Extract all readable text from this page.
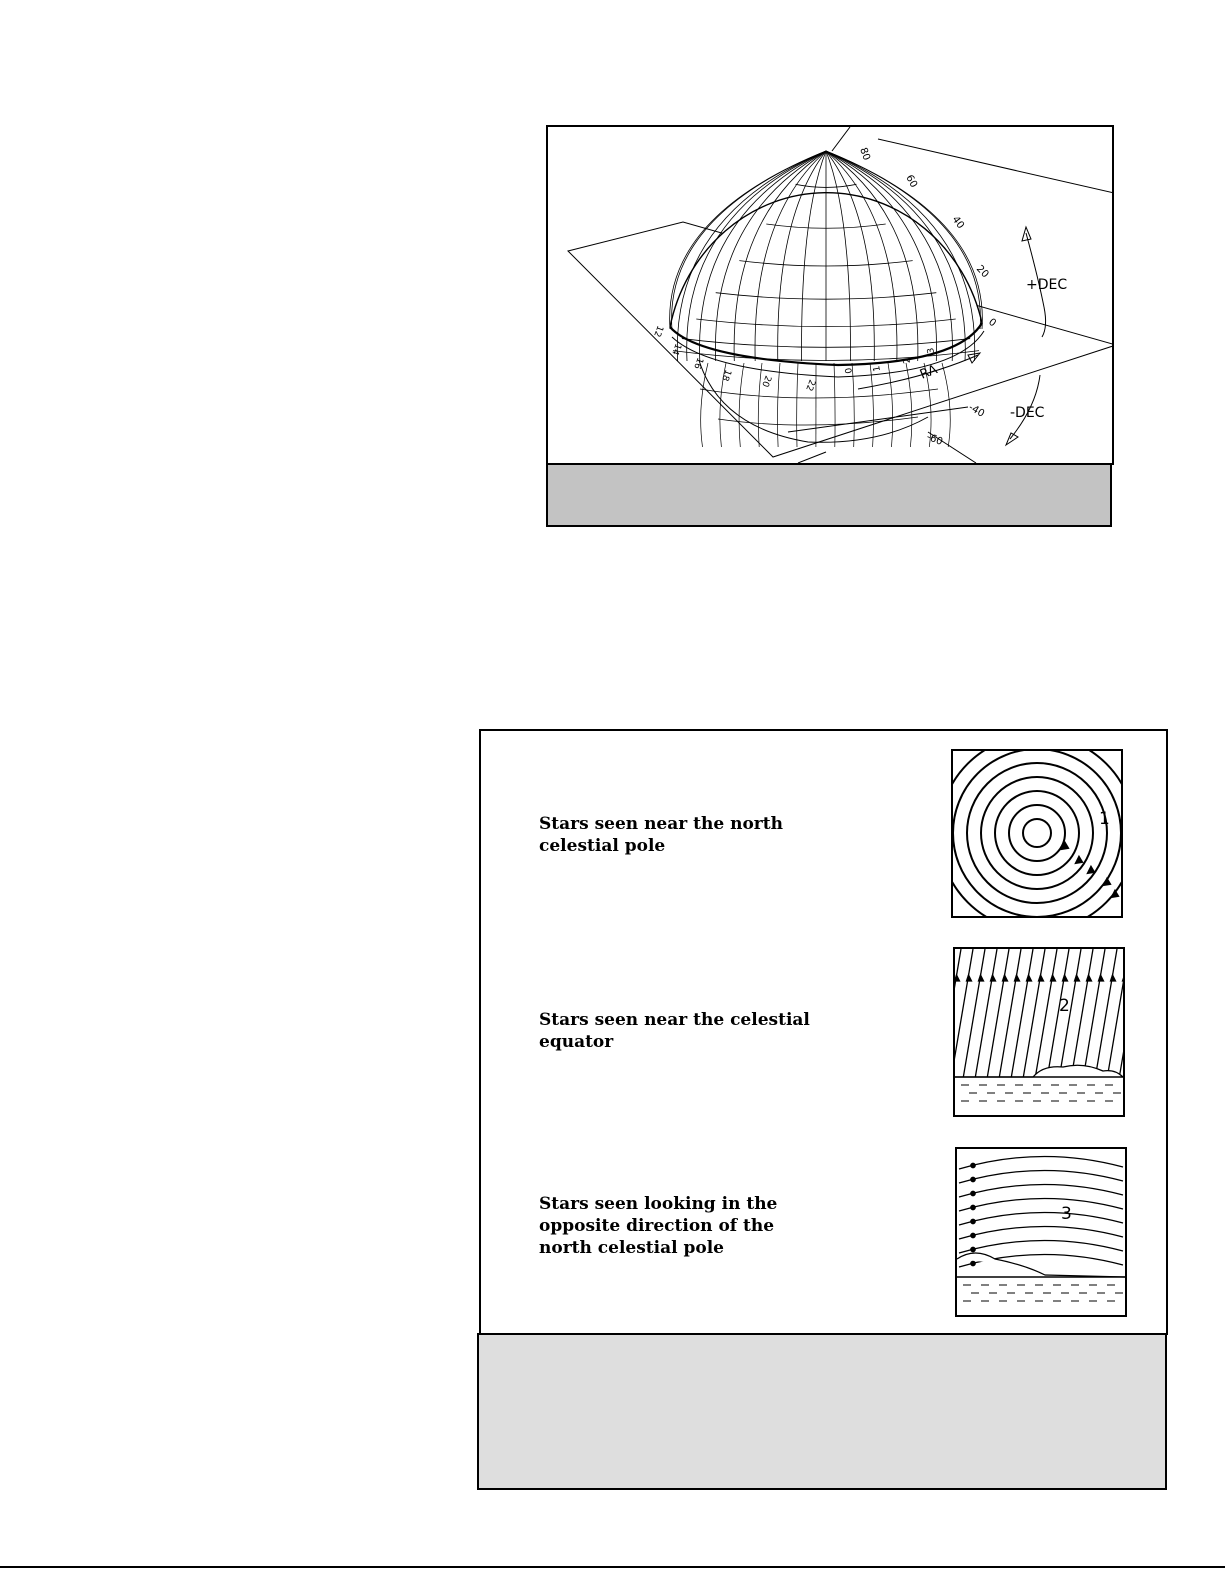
80
60
40
20
0
-40
-60
0 1
2
3
22
20
18
16
14
12
+DEC
-DEC
RA
Stars seen near the north
celestial pole
Stars seen near the celestial
equator
Stars seen looking in the
opposite direction of the
north celestial pole
1
2
3
